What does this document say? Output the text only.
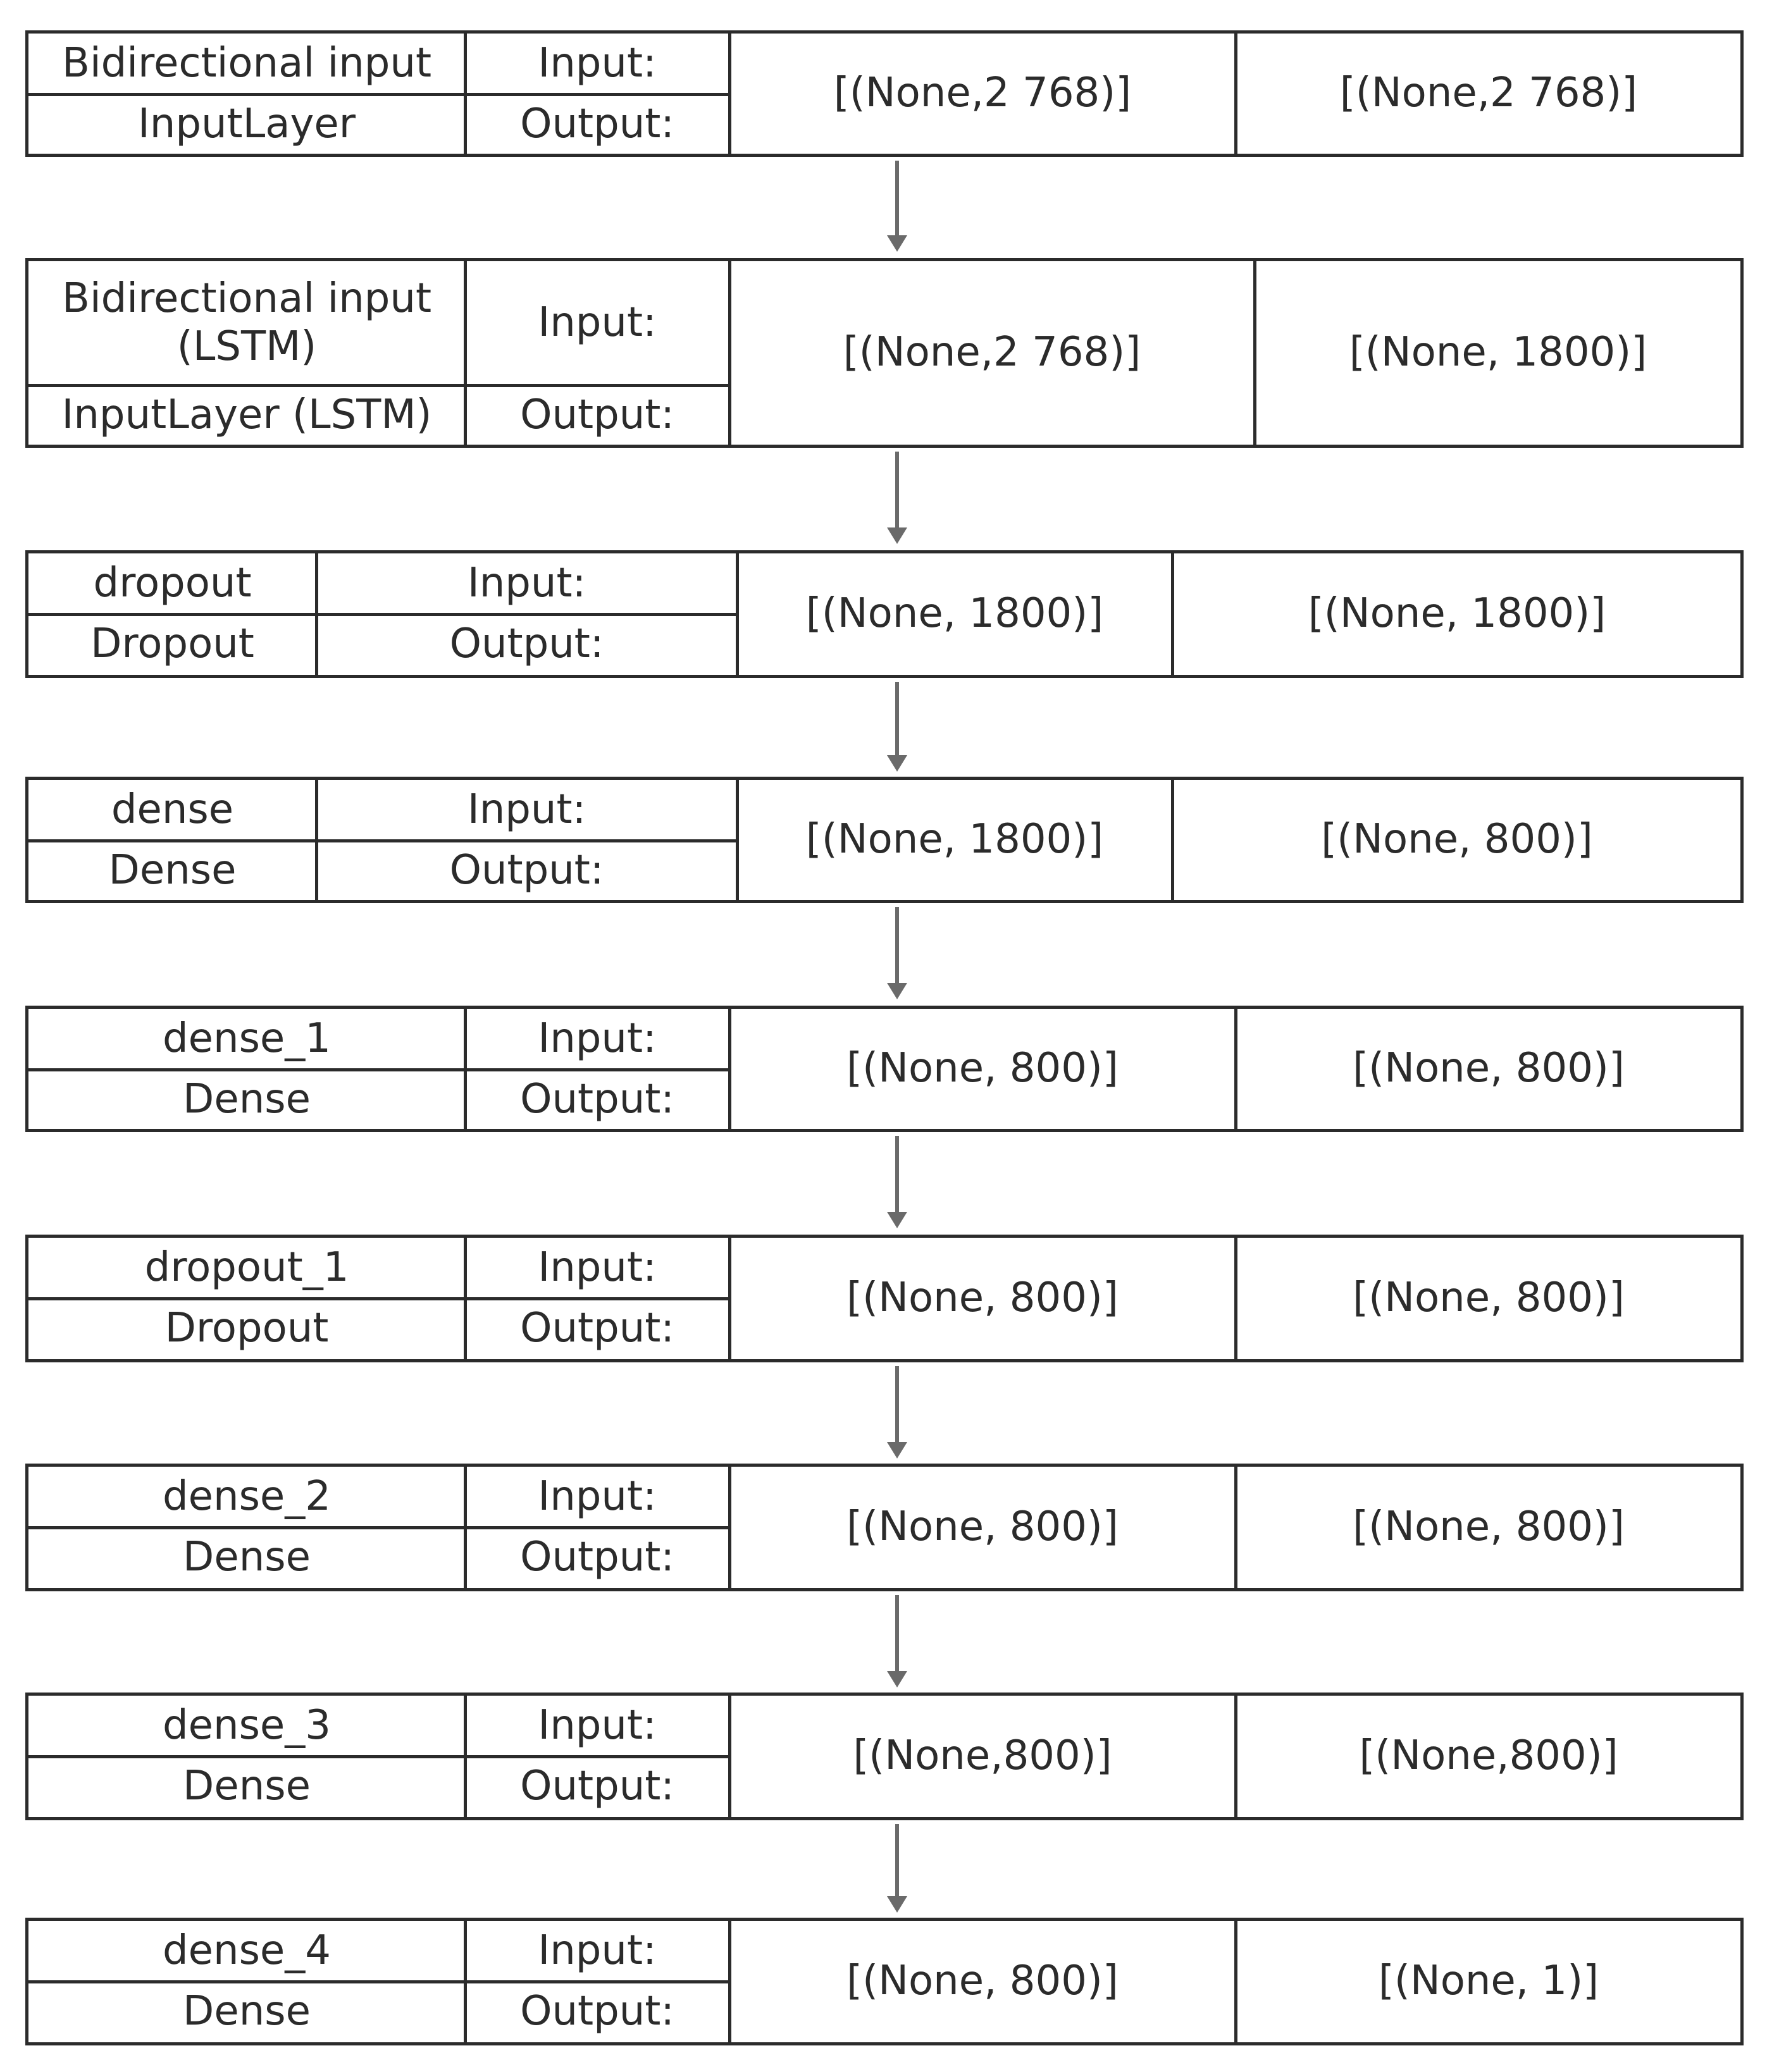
Bidirectional input
InputLayer
Input:
Output:
[(None,2 768)]	[(None,2 768)]
Bidirectional input (LSTM)
InputLayer (LSTM)
Input:
Output:
[(None,2 768)]	[(None, 1800)]
dropout
Dropout
Input:
Output:
[(None, 1800)]	[(None, 1800)]
dense
Dense
Input:
Output:
[(None, 1800)]	[(None, 800)]
dense_1
Dense
Input:
Output:
[(None, 800)]	[(None, 800)]
dropout_1
Dropout
Input:
Output:
[(None, 800)]	[(None, 800)]
dense_2
Dense
Input:
Output:
[(None, 800)]	[(None, 800)]
dense_3
Dense
Input:
Output:
[(None,800)]	[(None,800)]
dense_4
Dense
Input:
Output:
[(None, 800)]	[(None, 1)]
